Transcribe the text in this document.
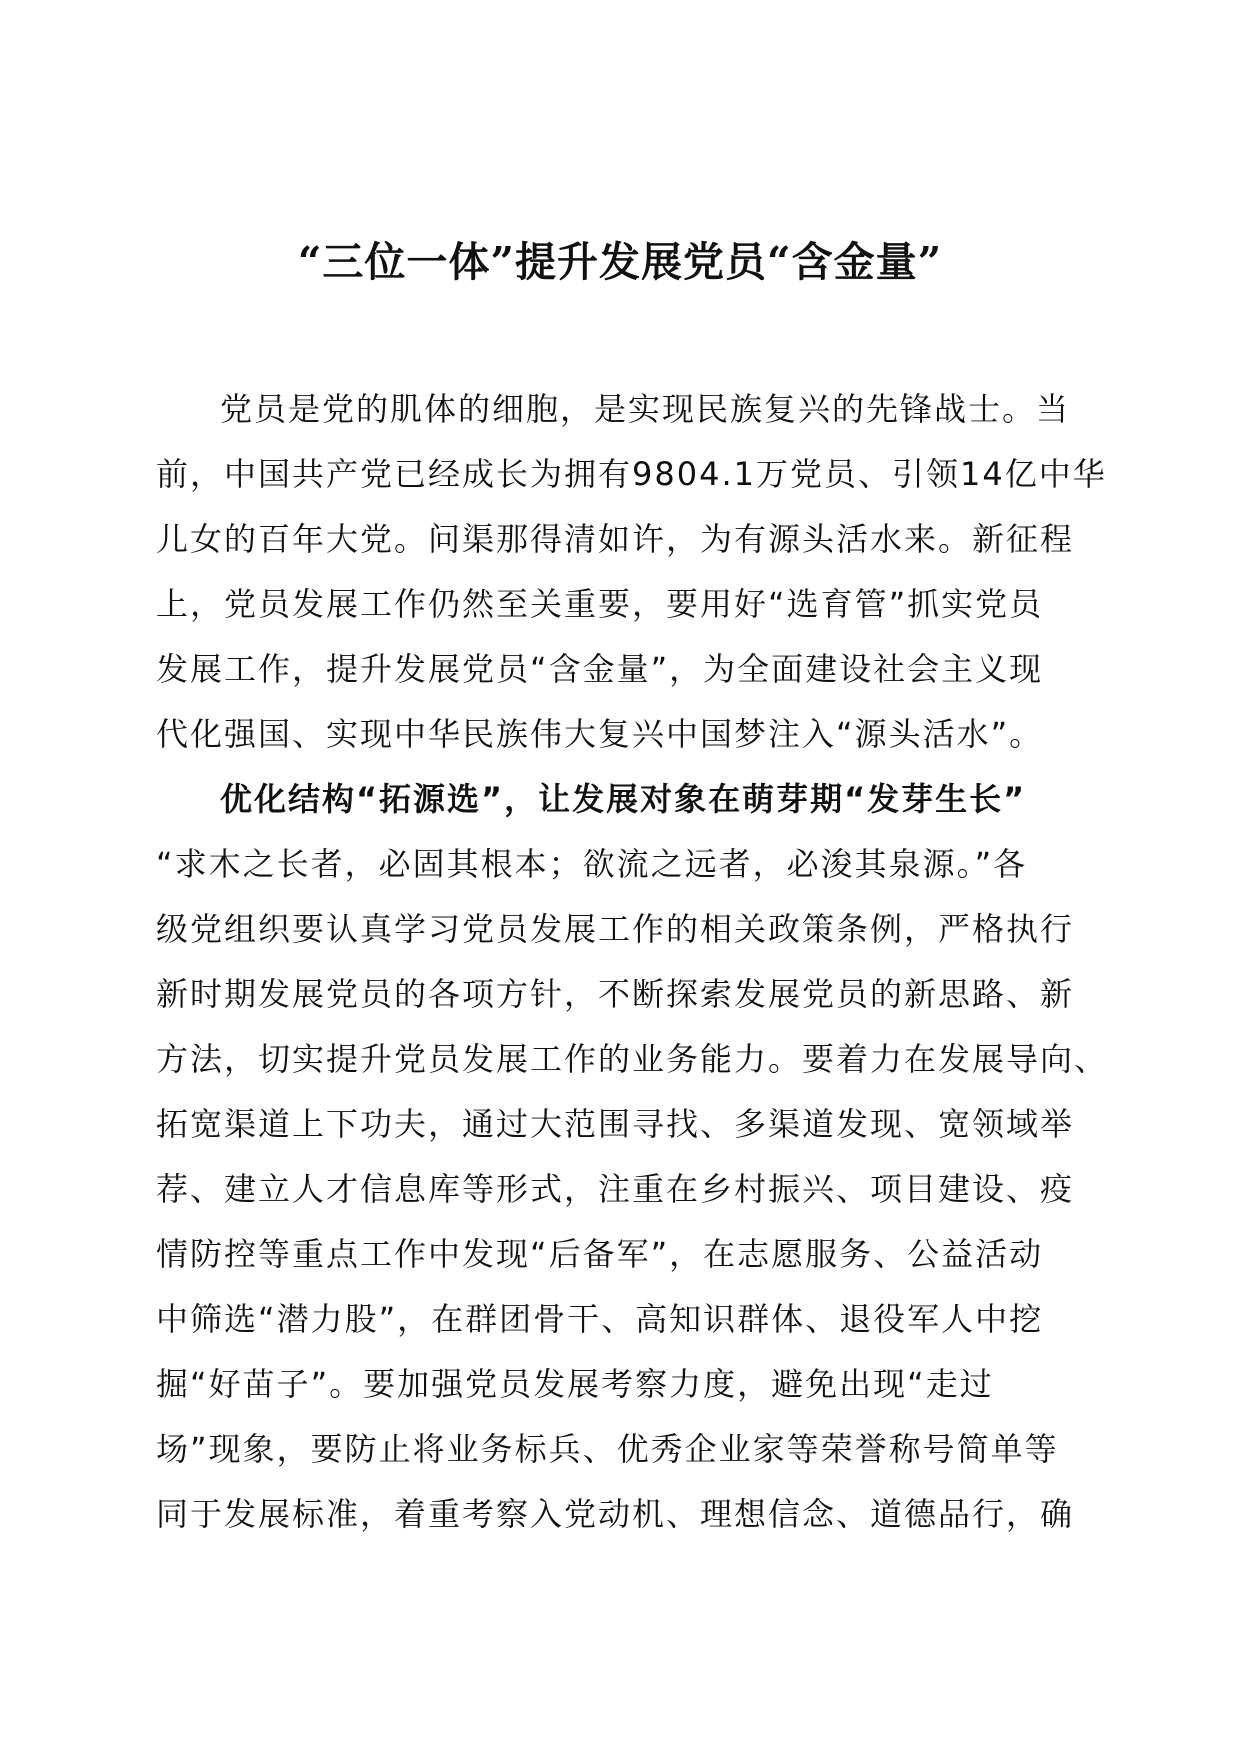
“三位一体”提升发展党员“含金量”
党员是党的肌体的细胞，是实现民族复兴的先锋战士。当
前，中国共产党已经成长为拥有9804.1万党员、引领14亿中华
儿女的百年大党。问渠那得清如许，为有源头活水来。新征程
上，党员发展工作仍然至关重要，要用好“选育管”抓实党员
发展工作，提升发展党员“含金量”，为全面建设社会主义现
代化强国、实现中华民族伟大复兴中国梦注入“源头活水”。
优化结构“拓源选”，让发展对象在萌芽期“发芽生长”
“求木之长者，必固其根本；欲流之远者，必浚其泉源。”各
级党组织要认真学习党员发展工作的相关政策条例，严格执行
新时期发展党员的各项方针，不断探索发展党员的新思路、新
方法，切实提升党员发展工作的业务能力。要着力在发展导向、
拓宽渠道上下功夫，通过大范围寻找、多渠道发现、宽领域举
荐、建立人才信息库等形式，注重在乡村振兴、项目建设、疫
情防控等重点工作中发现“后备军”，在志愿服务、公益活动
中筛选“潜力股”，在群团骨干、高知识群体、退役军人中挖
掘“好苗子”。要加强党员发展考察力度，避免出现“走过
场”现象，要防止将业务标兵、优秀企业家等荣誉称号简单等
同于发展标准，着重考察入党动机、理想信念、道德品行，确
